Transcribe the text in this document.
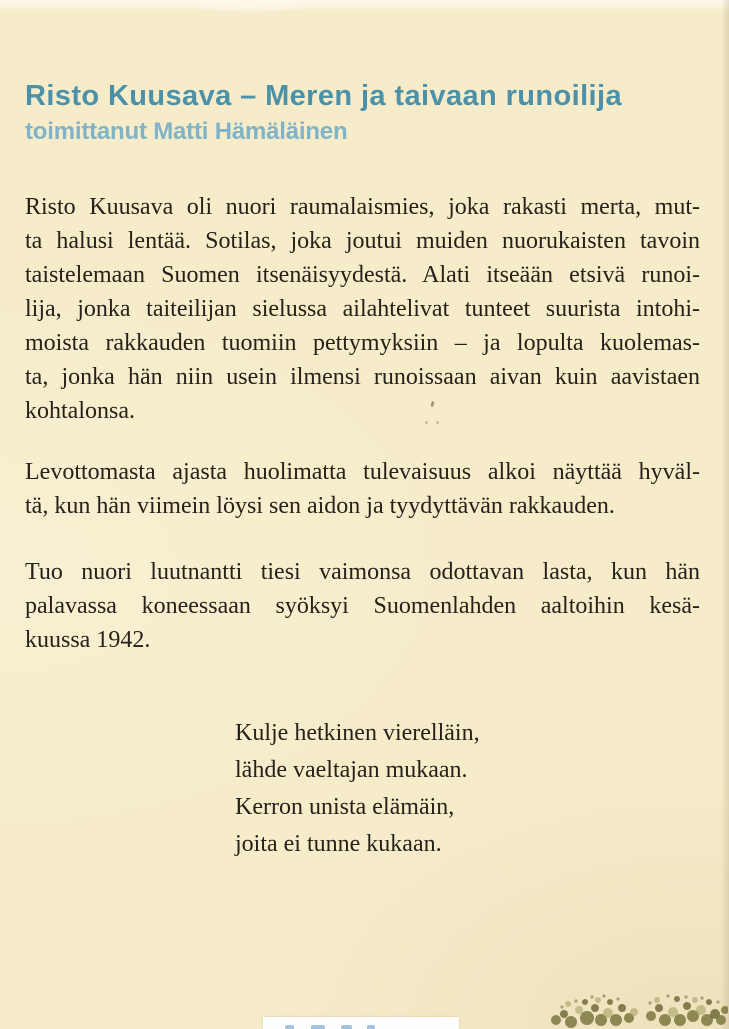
Risto Kuusava – Meren ja taivaan runoilija
toimittanut Matti Hämäläinen
Risto Kuusava oli nuori raumalaismies, joka rakasti merta, mut-
ta halusi lentää. Sotilas, joka joutui muiden nuorukaisten tavoin
taistelemaan Suomen itsenäisyydestä. Alati itseään etsivä runoi-
lija, jonka taiteilijan sielussa ailahtelivat tunteet suurista intohi-
moista rakkauden tuomiin pettymyksiin – ja lopulta kuolemas-
ta, jonka hän niin usein ilmensi runoissaan aivan kuin aavistaen
kohtalonsa.
Levottomasta ajasta huolimatta tulevaisuus alkoi näyttää hyväl-
tä, kun hän viimein löysi sen aidon ja tyydyttävän rakkauden.
Tuo nuori luutnantti tiesi vaimonsa odottavan lasta, kun hän
palavassa koneessaan syöksyi Suomenlahden aaltoihin kesä-
kuussa 1942.
Kulje hetkinen vierelläin,
lähde vaeltajan mukaan.
Kerron unista elämäin,
joita ei tunne kukaan.
